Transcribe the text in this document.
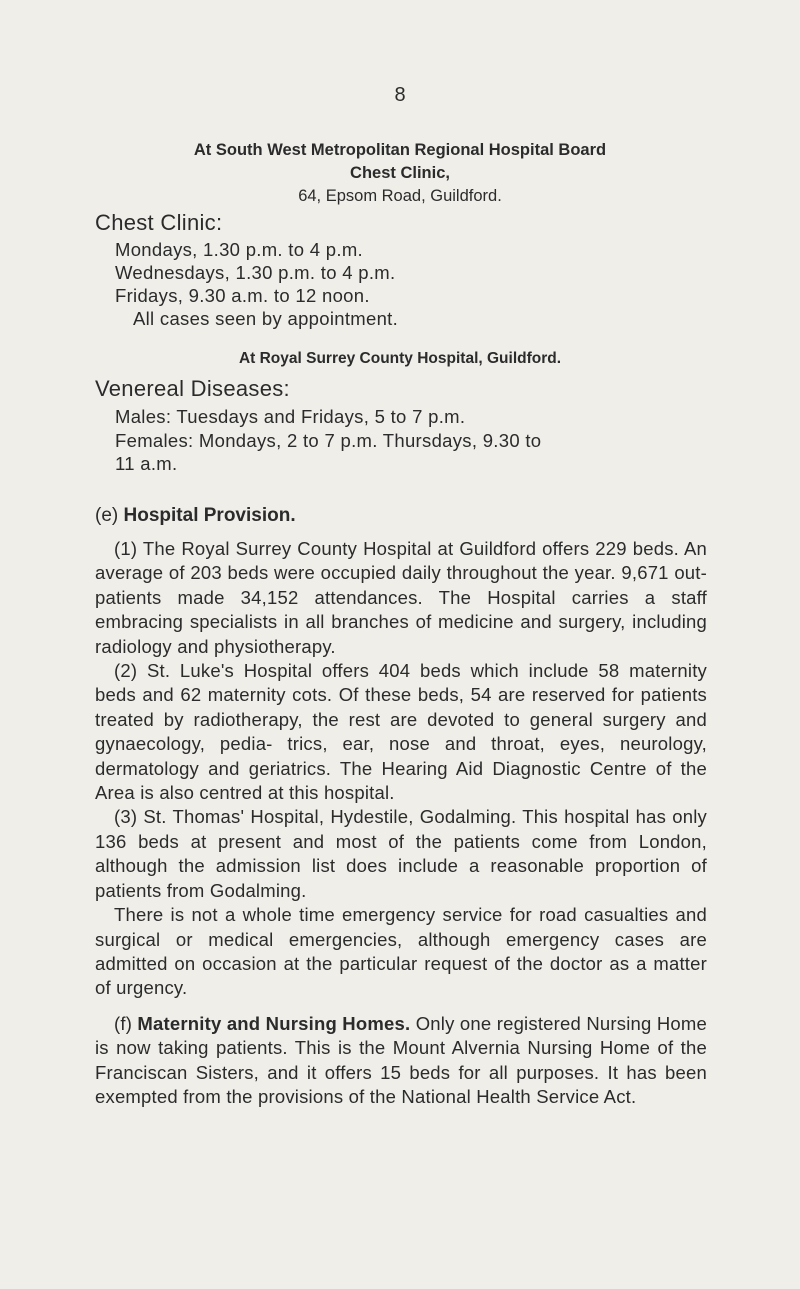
8
At South West Metropolitan Regional Hospital Board
Chest Clinic,
64, Epsom Road, Guildford.
Chest Clinic:
Mondays, 1.30 p.m. to 4 p.m.
Wednesdays, 1.30 p.m. to 4 p.m.
Fridays, 9.30 a.m. to 12 noon.
All cases seen by appointment.
At Royal Surrey County Hospital, Guildford.
Venereal Diseases:
Males: Tuesdays and Fridays, 5 to 7 p.m.
Females: Mondays, 2 to 7 p.m. Thursdays, 9.30 to
11 a.m.
(e) Hospital Provision.

(1) The Royal Surrey County Hospital at Guildford offers 229 beds. An average of 203 beds were occupied daily throughout the year. 9,671 out-patients made 34,152 attendances. The Hospital carries a staff embracing specialists in all branches of medicine and surgery, including radiology and physiotherapy.

(2) St. Luke's Hospital offers 404 beds which include 58 maternity beds and 62 maternity cots. Of these beds, 54 are reserved for patients treated by radiotherapy, the rest are devoted to general surgery and gynaecology, pedia- trics, ear, nose and throat, eyes, neurology, dermatology and geriatrics. The Hearing Aid Diagnostic Centre of the Area is also centred at this hospital.

(3) St. Thomas' Hospital, Hydestile, Godalming. This hospital has only 136 beds at present and most of the patients come from London, although the admission list does include a reasonable proportion of patients from Godalming.

There is not a whole time emergency service for road casualties and surgical or medical emergencies, although emergency cases are admitted on occasion at the particular request of the doctor as a matter of urgency.

(f) Maternity and Nursing Homes. Only one registered Nursing Home is now taking patients. This is the Mount Alvernia Nursing Home of the Franciscan Sisters, and it offers 15 beds for all purposes. It has been exempted from the provisions of the National Health Service Act.
